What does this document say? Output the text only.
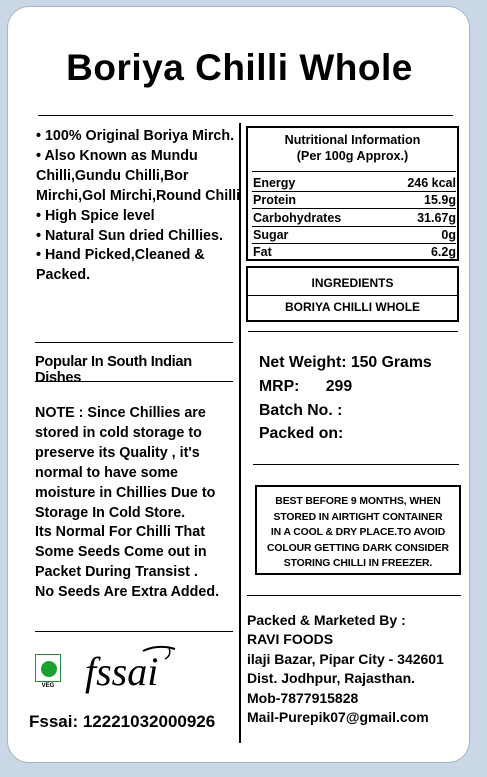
Boriya Chilli Whole

• 100% Original Boriya Mirch.

• Also Known as Mundu Chilli,Gundu Chilli,Bor Mirchi,Gol Mirchi,Round Chilli

• High Spice level

• Natural Sun dried Chillies.

• Hand Picked,Cleaned & Packed.

Popular In South Indian Dishes

NOTE : Since Chillies are stored in cold storage to preserve its Quality , it's normal to have some moisture in Chillies Due to Storage In Cold Store.

Its Normal For Chilli That Some Seeds Come out in Packet During Transist .

No Seeds Are Extra Added.

VEG fssai
Fssai: 12221032000926
Nutritional Information
(Per 100g Approx.)
Energy	246 kcal
Protein	15.9g
Carbohydrates	31.67g
Sugar	0g
Fat	6.2g
INGREDIENTS
BORIYA CHILLI WHOLE
Net Weight: 150 Grams
MRP: 299
Batch No. :
Packed on:
BEST BEFORE 9 MONTHS, WHEN
STORED IN AIRTIGHT CONTAINER
IN A COOL & DRY PLACE.TO AVOID
COLOUR GETTING DARK CONSIDER
STORING CHILLI IN FREEZER.
Packed & Marketed By :
RAVI FOODS
ilaji Bazar, Pipar City - 342601
Dist. Jodhpur, Rajasthan.
Mob-7877915828
Mail-Purepik07@gmail.com
